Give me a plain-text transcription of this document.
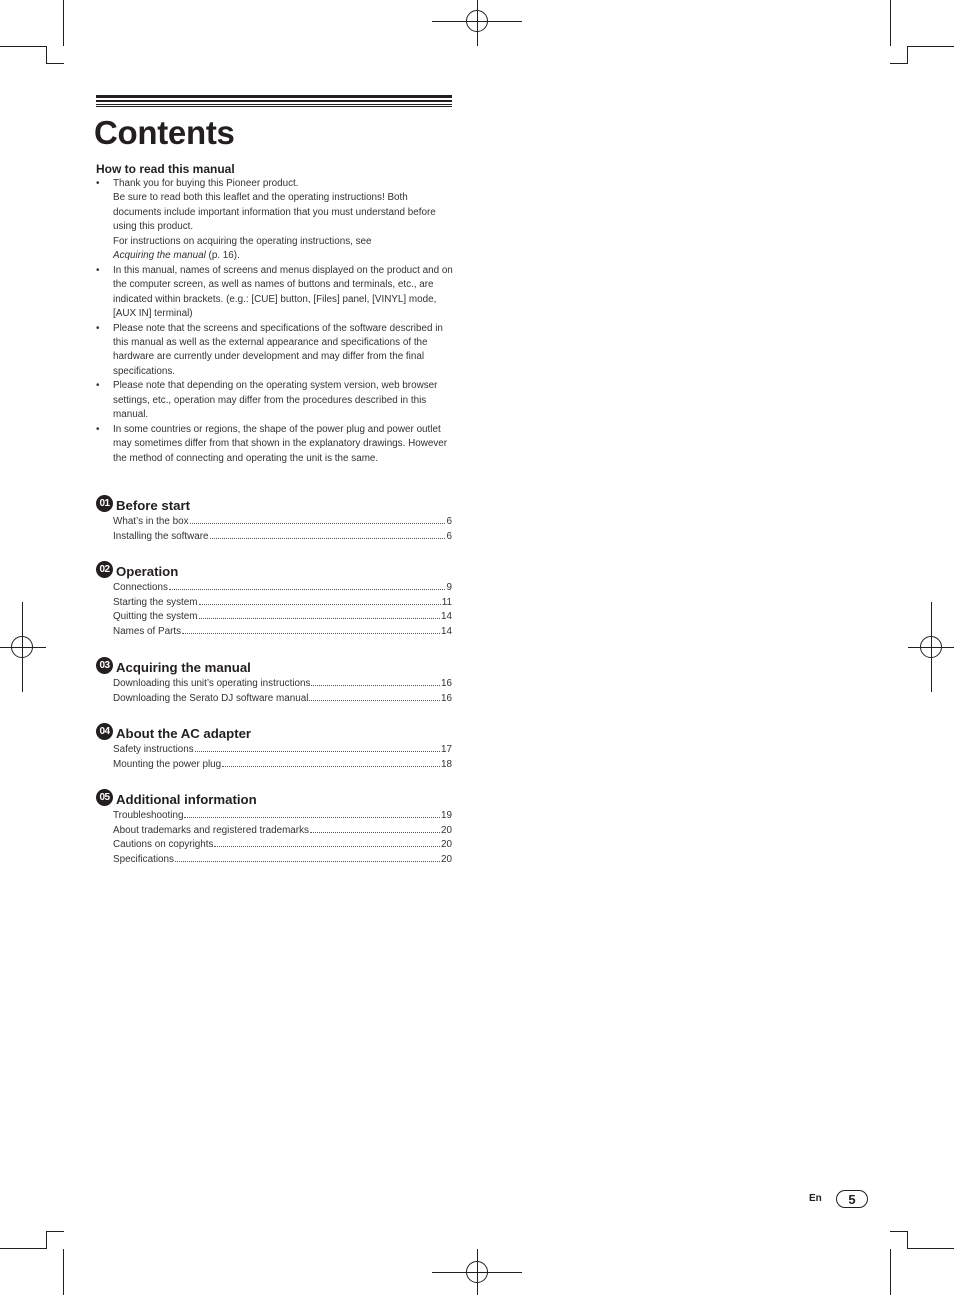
Contents
How to read this manual

• Thank you for buying this Pioneer product.

Be sure to read both this leaflet and the operating instructions! Both documents include important information that you must understand before using this product.

For instructions on acquiring the operating instructions, see
Acquiring the manual (p. 16).

• In this manual, names of screens and menus displayed on the product and on the computer screen, as well as names of buttons and terminals, etc., are indicated within brackets. (e.g.: [CUE] button, [Files] panel, [VINYL] mode, [AUX IN] terminal)
• Please note that the screens and specifications of the software described in this manual as well as the external appearance and specifications of the hardware are currently under development and may differ from the final specifications.
• Please note that depending on the operating system version, web browser settings, etc., operation may differ from the procedures described in this manual.
• In some countries or regions, the shape of the power plug and power outlet may sometimes differ from that shown in the explanatory drawings. However the method of connecting and operating the unit is the same.
01 Before start
What’s in the box	6
Installing the software	6
02 Operation
Connections	9
Starting the system	11
Quitting the system	14
Names of Parts	14
03 Acquiring the manual
Downloading this unit’s operating instructions	16
Downloading the Serato DJ software manual	16
04 About the AC adapter
Safety instructions	17
Mounting the power plug	18
05 Additional information
Troubleshooting	19
About trademarks and registered trademarks	20
Cautions on copyrights	20
Specifications	20
En	5
